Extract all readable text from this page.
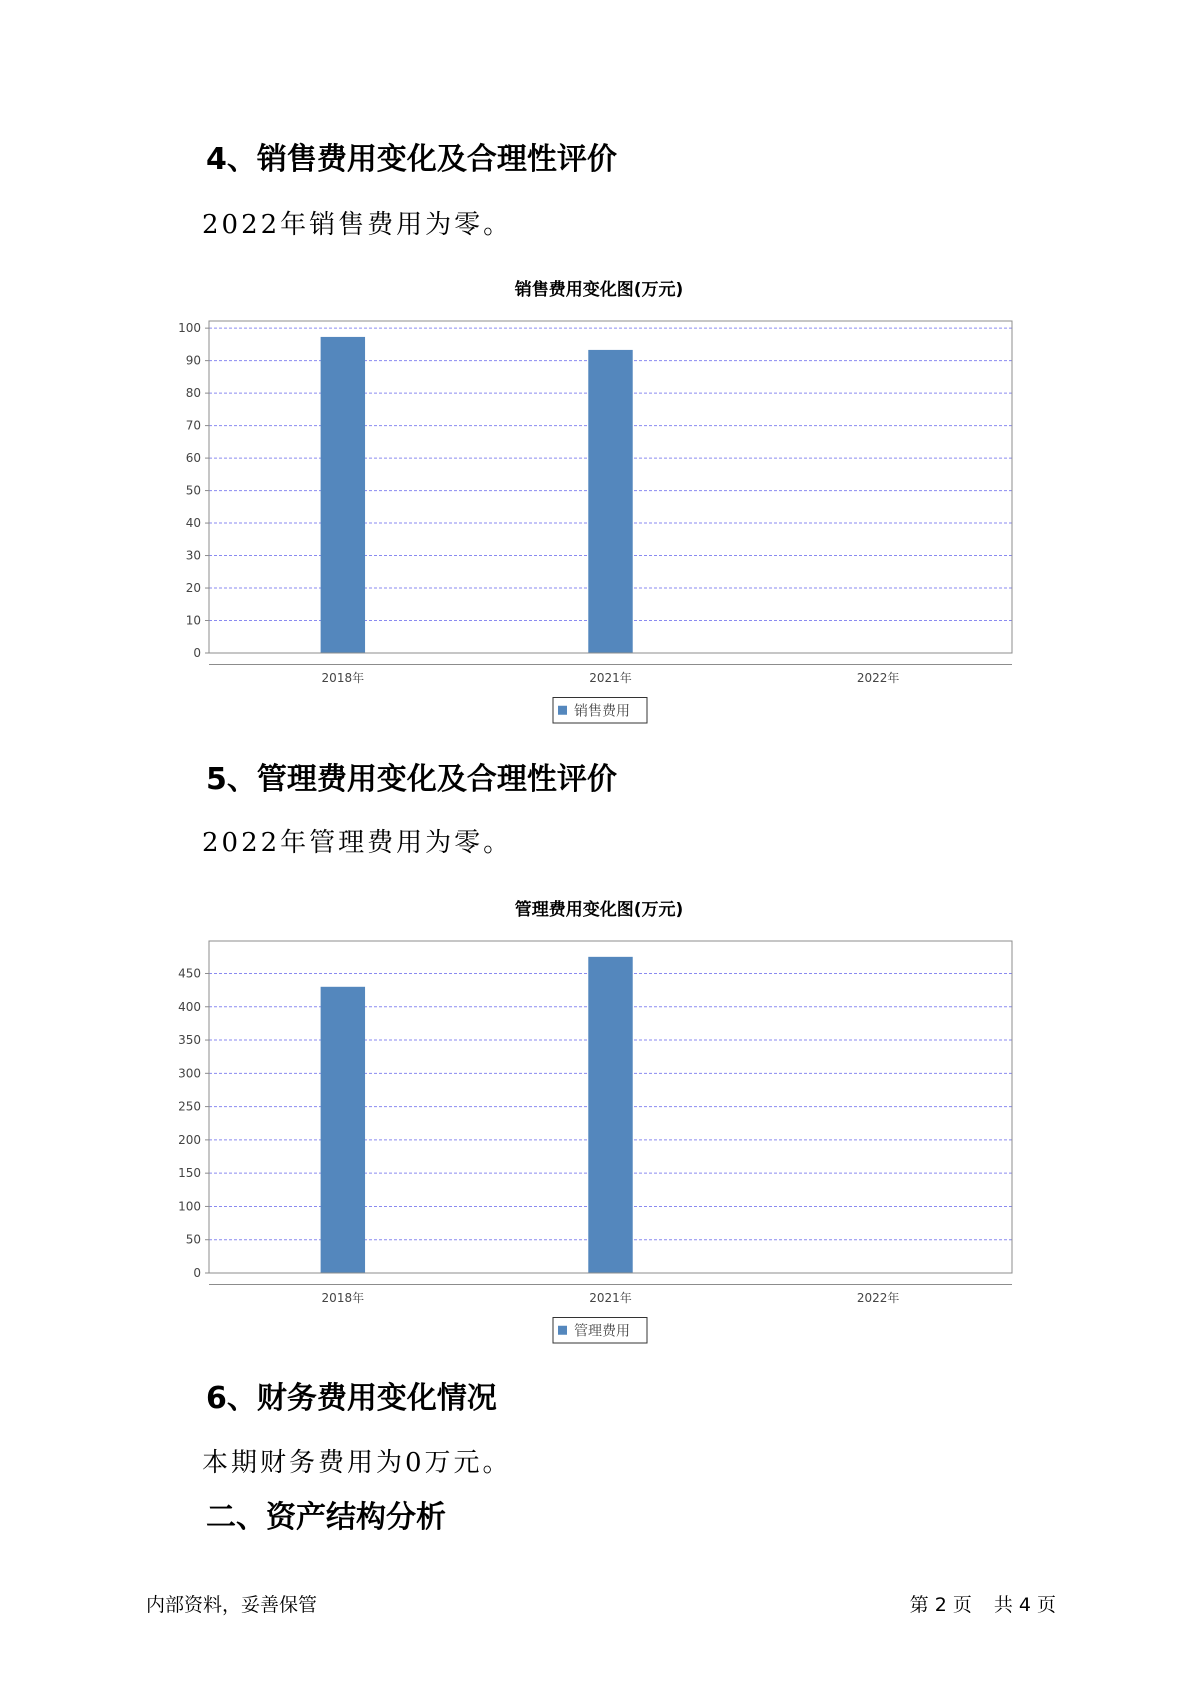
4、销售费用变化及合理性评价
2022年销售费用为零。
销售费用变化图(万元)
0
10
20
30
40
50
60
70
80
90
100
2018年	2021年	2022年
销售费用
5、管理费用变化及合理性评价
2022年管理费用为零。
管理费用变化图(万元)
0
50
100
150
200
250
300
350
400
450
2018年	2021年	2022年
管理费用
6、财务费用变化情况
本期财务费用为0万元。
二、资产结构分析
内部资料，妥善保管	第 2 页 共 4 页
